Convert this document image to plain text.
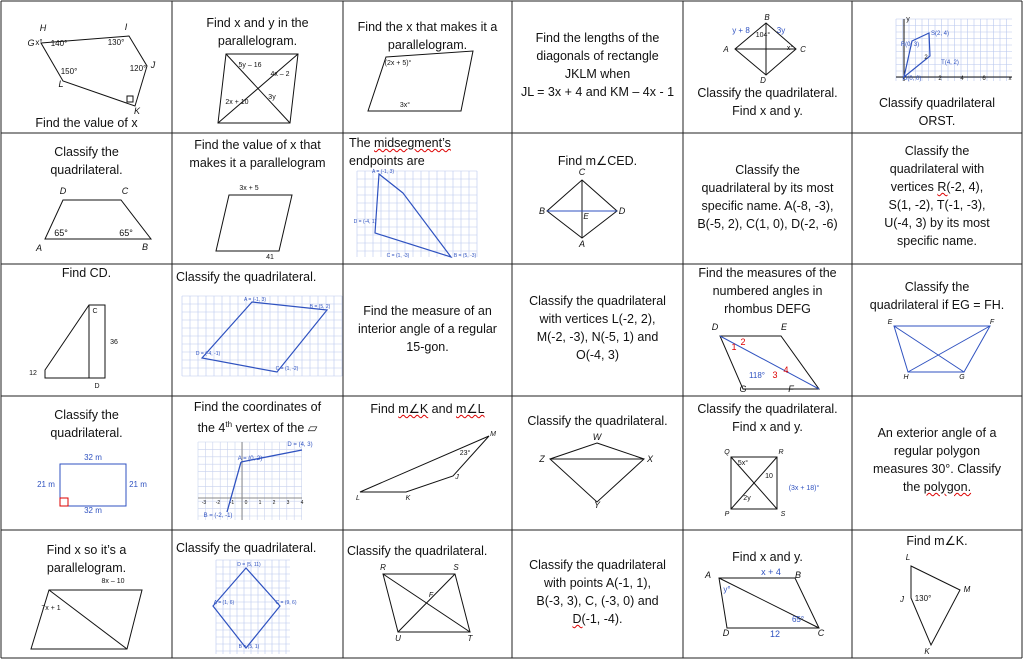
H	I
G
J
L
K
x° 140°	130°
150°	120°
Find the value of x
5y – 16
4x – 2
2x + 10
3y
Find x and y in the
parallelogram.
(2x + 5)°
3x°
Find the x that makes it a
parallelogram.	Find the lengths of the
diagonals of rectangle
JKLM when
JL = 3x + 4 and KM – 4x - 1
B
y + 8	3y
104°
A	C
x°
D
Classify the quadrilateral.
Find x and y.
y
S(2, 4)
R(0, 3)
2
T(4, 2)
O(0, 0)	2	4	6	x
Classify quadrilateral
ORST.
D	C
A	B
65°	65°
Classify the
quadrilateral.
3x + 5
41
Find the value of x that
makes it a parallelogram
A = (-1, 3)
D = (-4, 1)
C = (1, -3)	B = (5, -3)
The midsegment’s
endpoints are
C
B
E
D
A
Find m∠CED.
Classify the
quadrilateral by its most
specific name. A(-8, -3),
B(-5, 2), C(1, 0), D(-2, -6)
Classify the
quadrilateral with
vertices R(-2, 4),
S(1, -2), T(-1, -3),
U(-4, 3) by its most
specific name.
C
36
12
D
Find CD.
A = (-1, 3)
B = (5, 2)
D = (-4, -1)
C = (1, -2)
Classify the quadrilateral.
Find the measure of an
interior angle of a regular
15-gon.
Classify the quadrilateral
with vertices L(-2, 2),
M(-2, -3), N(-5, 1) and
O(-4, 3)
D	E
1 2
118° 3 4
G	F
Find the measures of the
numbered angles in
rhombus DEFG
E	F
H	G
Classify the
quadrilateral if EG = FH.
32 m
21 m	21 m
32 m
Classify the
quadrilateral.
D = (4, 3)
A = (0, 2)
B = (-2, -1)
-3 -2 -1 0 1 2 3 4
Find the coordinates of
the 4th vertex of the ▱	M
23°
J
L	K
Find m∠K and m∠L
W
Z	X
Y
Classify the quadrilateral.
Q	R
5x°
10
(3x + 18)°
2y
P	S
Classify the quadrilateral.
Find x and y.	An exterior angle of a
regular polygon
measures 30°. Classify
the polygon.
8x – 10
7x + 1
Find x so it’s a
parallelogram.	D = (5, 11)
A = (1, 6)	C = (9, 6)
B = (5, 1)
Classify the quadrilateral.
R	S
F
U	T
Classify the quadrilateral.
Classify the quadrilateral
with points A(-1, 1),
B(-3, 3), C, (-3, 0) and
D(-1, -4).
A	x + 4 B
y°
D
65°
C
12
Find x and y.	L
M
J 130°
K
Find m∠K.
